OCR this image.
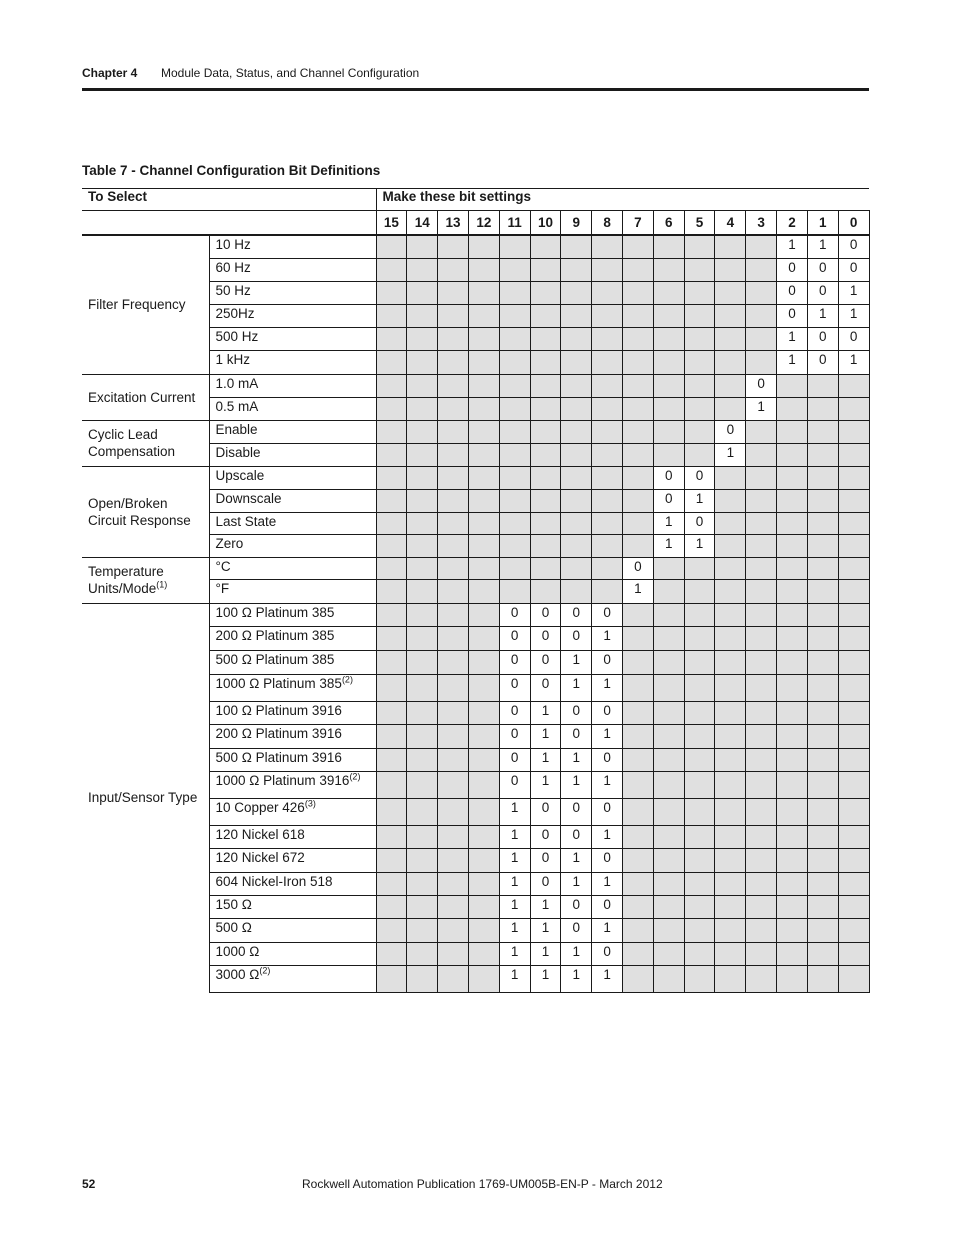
Chapter 4 Module Data, Status, and Channel Configuration
Table 7 - Channel Configuration Bit Definitions
To Select		Make these bit settings															
		15	14	13	12	11	10	9	8	7	6	5	4	3	2	1	0
Filter Frequency	10 Hz														1	1	0
	60 Hz														0	0	0
	50 Hz														0	0	1
	250Hz														0	1	1
	500 Hz														1	0	0
	1 kHz														1	0	1
Excitation Current	1.0 mA													0			
	0.5 mA													1			
Cyclic Lead Compensation	Enable												0				
	Disable												1				
Open/Broken Circuit Response	Upscale										0	0					
	Downscale										0	1					
	Last State										1	0					
	Zero										1	1					
Temperature Units/Mode$^{(1)}$	°C									0							
	°F									1							
Input/Sensor Type	100 Ω Platinum 385					0	0	0	0								
	200 Ω Platinum 385					0	0	0	1								
	500 Ω Platinum 385					0	0	1	0								
	1000 Ω Platinum 385$^{(2)}$					0	0	1	1								
	100 Ω Platinum 3916					0	1	0	0								
	200 Ω Platinum 3916					0	1	0	1								
	500 Ω Platinum 3916					0	1	1	0								
	1000 Ω Platinum 3916$^{(2)}$					0	1	1	1								
	10 Copper 426$^{(3)}$					1	0	0	0								
	120 Nickel 618					1	0	0	1								
	120 Nickel 672					1	0	1	0								
	604 Nickel-Iron 518					1	0	1	1								
	150 Ω					1	1	0	0								
	500 Ω					1	1	0	1								
	1000 Ω					1	1	1	0								
	3000 $\Omega^{(2)}$					1	1	1	1								
52	Rockwell Automation Publication 1769-UM005B-EN-P - March 2012
